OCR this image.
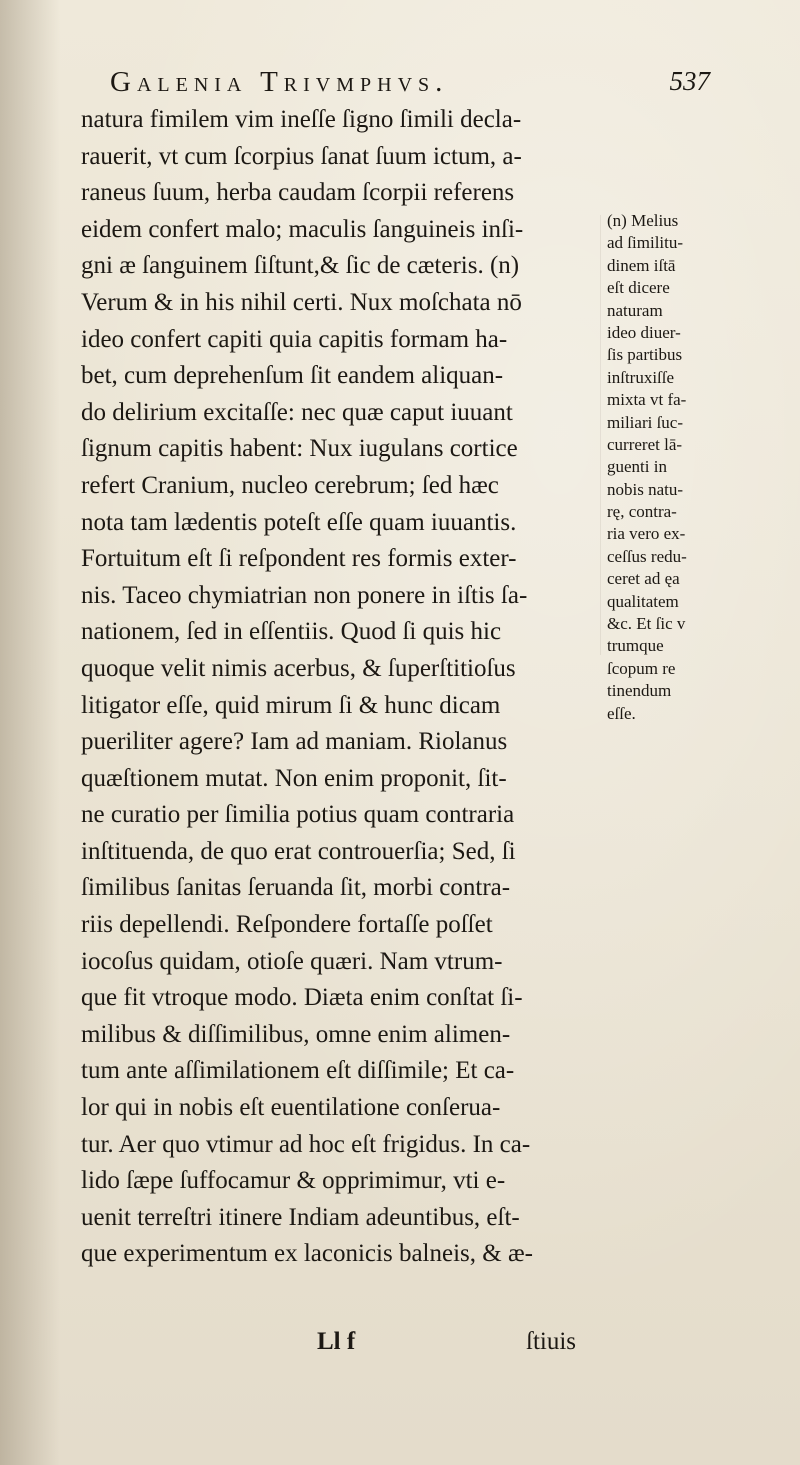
Galenia Trivmphvs.	537
natura fimilem vim ineſſe ſigno ſimili decla-
rauerit, vt cum ſcorpius ſanat ſuum ictum, a-
raneus ſuum, herba caudam ſcorpii referens
eidem confert malo; maculis ſanguineis inſi-
gni æ ſanguinem ſiſtunt,& ſic de cæteris. (n)
Verum & in his nihil certi. Nux moſchata nō
ideo confert capiti quia capitis formam ha-
bet, cum deprehenſum ſit eandem aliquan-
do delirium excitaſſe: nec quæ caput iuuant
ſignum capitis habent: Nux iugulans cortice
refert Cranium, nucleo cerebrum; ſed hæc
nota tam lædentis poteſt eſſe quam iuuantis.
Fortuitum eſt ſi reſpondent res formis exter-
nis. Taceo chymiatrian non ponere in iſtis ſa-
nationem, ſed in eſſentiis. Quod ſi quis hic
quoque velit nimis acerbus, & ſuperſtitioſus
litigator eſſe, quid mirum ſi & hunc dicam
pueriliter agere? Iam ad maniam. Riolanus
quæſtionem mutat. Non enim proponit, ſit-
ne curatio per ſimilia potius quam contraria
inſtituenda, de quo erat controuerſia; Sed, ſi
ſimilibus ſanitas ſeruanda ſit, morbi contra-
riis depellendi. Reſpondere fortaſſe poſſet
iocoſus quidam, otioſe quæri. Nam vtrum-
que fit vtroque modo. Diæta enim conſtat ſi-
milibus & diſſimilibus, omne enim alimen-
tum ante aſſimilationem eſt diſſimile; Et ca-
lor qui in nobis eſt euentilatione conſerua-
tur. Aer quo vtimur ad hoc eſt frigidus. In ca-
lido ſæpe ſuffocamur & opprimimur, vti e-
uenit terreſtri itinere Indiam adeuntibus, eſt-
que experimentum ex laconicis balneis, & æ-
(n) Melius
ad ſimilitu-
dinem iſtā
eſt dicere
naturam
ideo diuer-
ſis partibus
inſtruxiſſe
mixta vt fa-
miliari ſuc-
curreret lā-
guenti in
nobis natu-
rę, contra-
ria vero ex-
ceſſus redu-
ceret ad ęa
qualitatem
&c. Et ſic v
trumque
ſcopum re
tinendum
eſſe.
Ll f	ſtiuis
